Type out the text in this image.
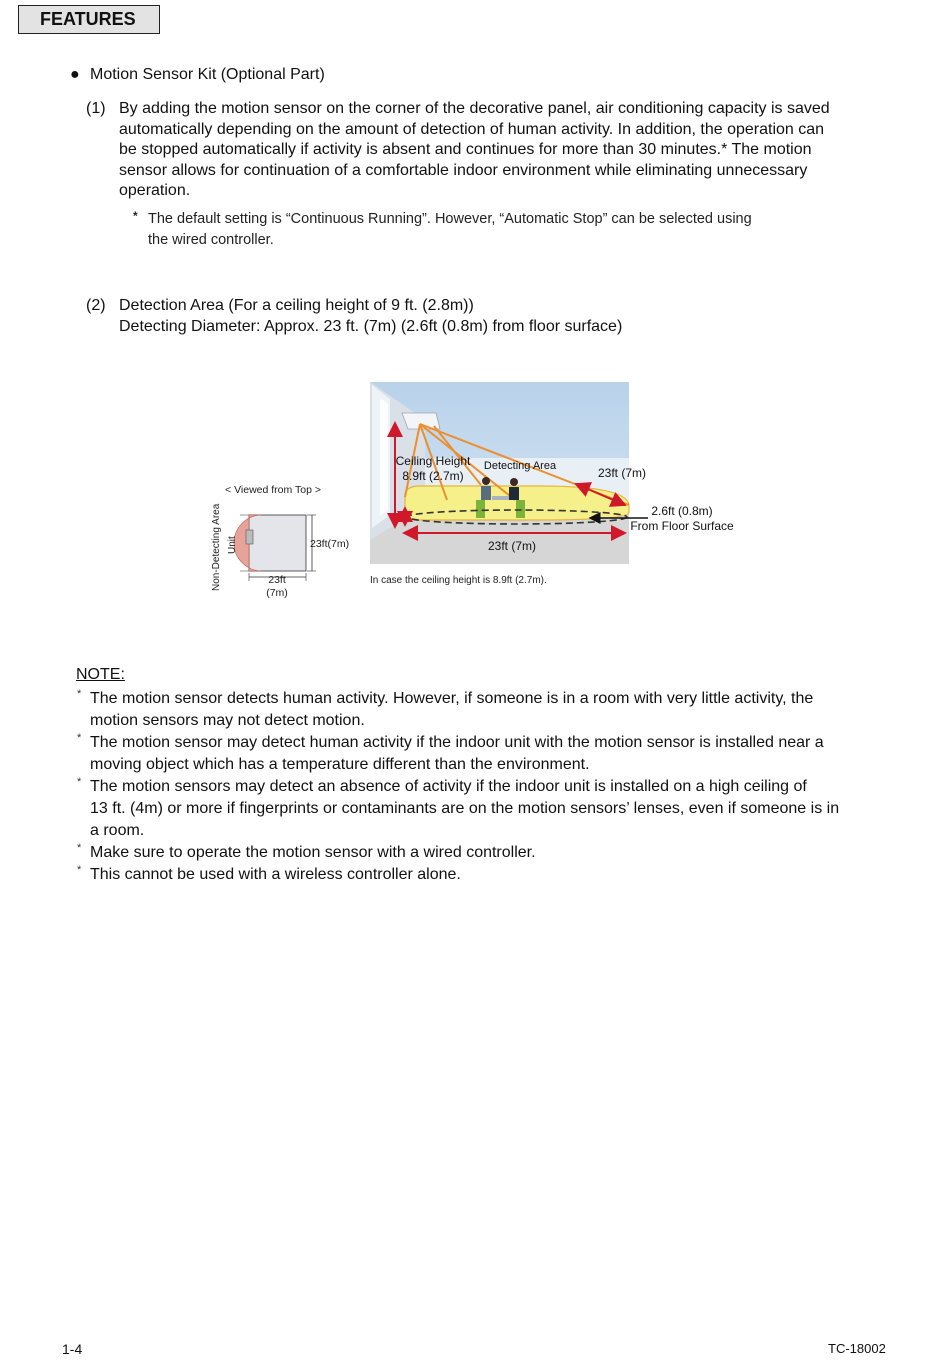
FEATURES
● Motion Sensor Kit (Optional Part)
(1) By adding the motion sensor on the corner of the decorative panel, air conditioning capacity is saved
automatically depending on the amount of detection of human activity. In addition, the operation can
be stopped automatically if activity is absent and continues for more than 30 minutes.* The motion
sensor allows for continuation of a comfortable indoor environment while eliminating unnecessary
operation.
* The default setting is “Continuous Running”. However, “Automatic Stop” can be selected using
the wired controller.
(2) Detection Area (For a ceiling height of 9 ft. (2.8m))
Detecting Diameter: Approx. 23 ft. (7m) (2.6ft (0.8m) from floor surface)
< Viewed from Top >
Non-Detecting Area Unit	23ft(7m)
23ft
(7m)
Ceiling Height
8.9ft (2.7m)
Detecting Area	23ft (7m)
2.6ft (0.8m)
From Floor Surface
23ft (7m)
In case the ceiling height is 8.9ft (2.7m).
NOTE:
* The motion sensor detects human activity. However, if someone is in a room with very little activity, the
motion sensors may not detect motion.
* The motion sensor may detect human activity if the indoor unit with the motion sensor is installed near a
moving object which has a temperature different than the environment.
* The motion sensors may detect an absence of activity if the indoor unit is installed on a high ceiling of
13 ft. (4m) or more if fingerprints or contaminants are on the motion sensors’ lenses, even if someone is in
a room.
* Make sure to operate the motion sensor with a wired controller.
* This cannot be used with a wireless controller alone.
1-4	TC-18002
